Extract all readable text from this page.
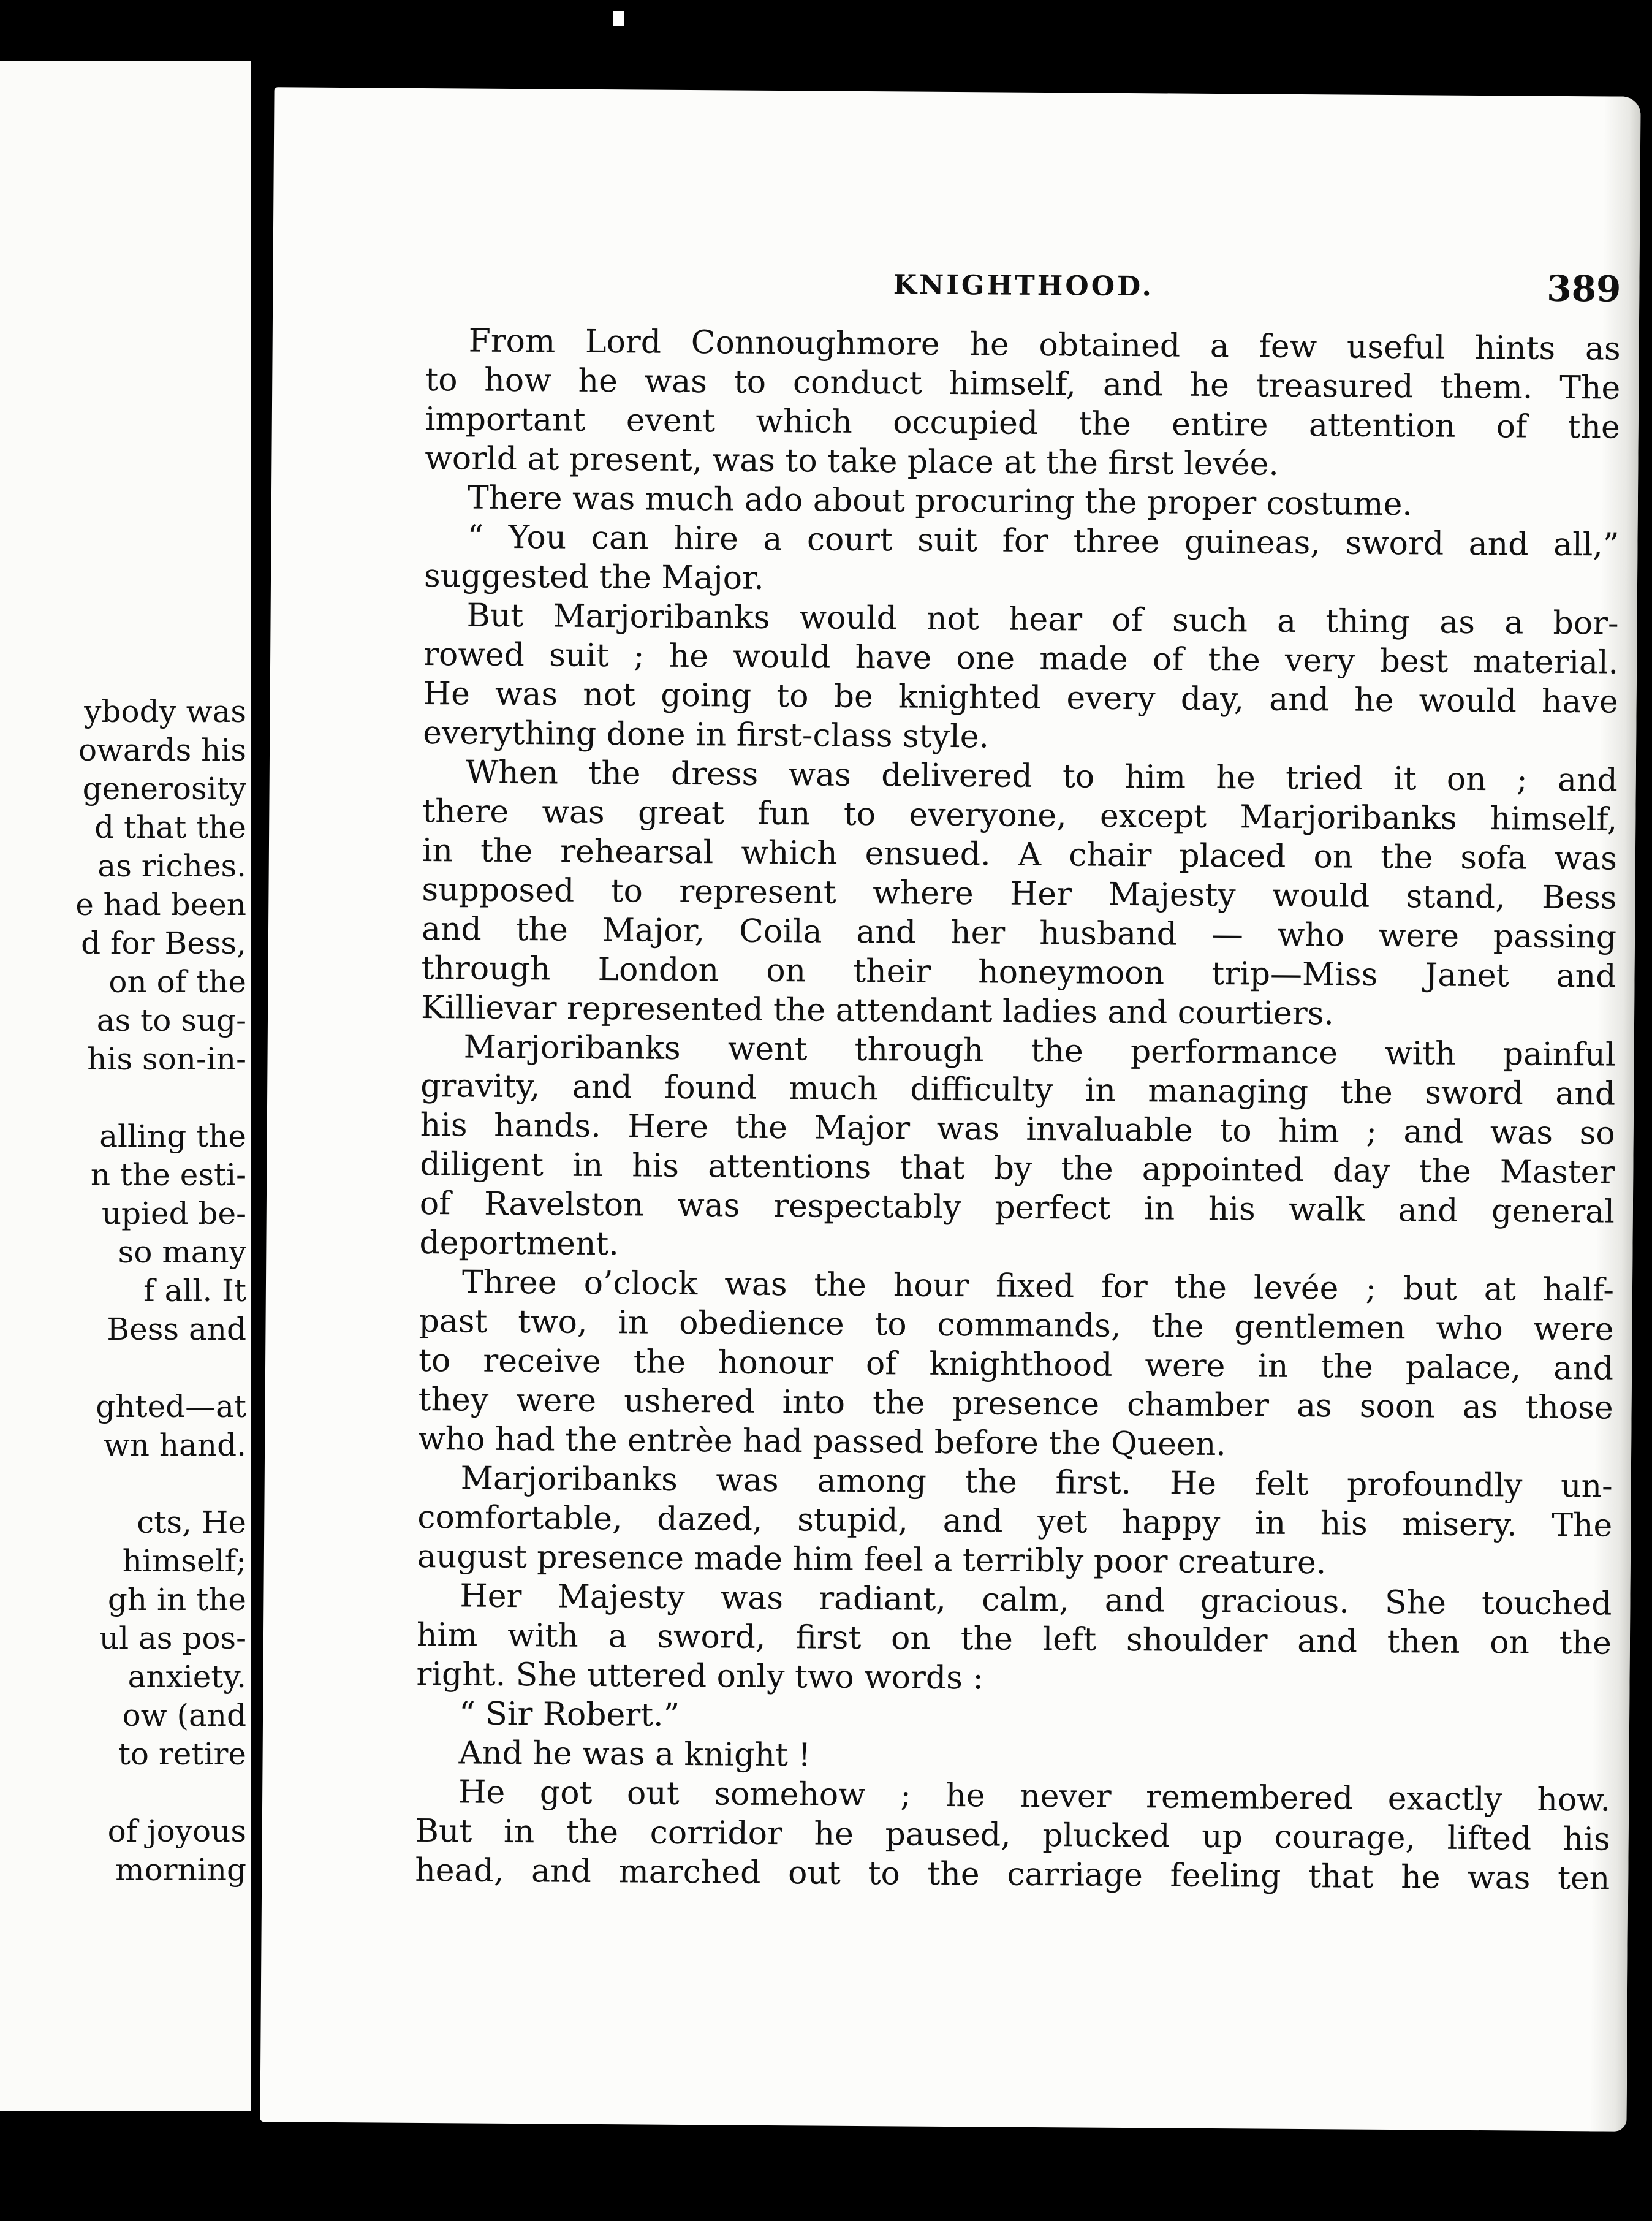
ybody was
owards his
generosity
d that the
as riches.
e had been
d for Bess,
on of the
as to sug-
his son-in-
alling the
n the esti-
upied be-
so many
f all. It
Bess and
ghted—at
wn hand.
cts, He
himself;
gh in the
ul as pos-
anxiety.
ow (and
to retire
of joyous
morning
KNIGHTHOOD.	389
From Lord Connoughmore he obtained a few useful hints as
to how he was to conduct himself, and he treasured them. The
important event which occupied the entire attention of the
world at present, was to take place at the first levée.
There was much ado about procuring the proper costume.
“ You can hire a court suit for three guineas, sword and all,”
suggested the Major.
But Marjoribanks would not hear of such a thing as a bor-
rowed suit ; he would have one made of the very best material.
He was not going to be knighted every day, and he would have
everything done in first-class style.
When the dress was delivered to him he tried it on ; and
there was great fun to everyone, except Marjoribanks himself,
in the rehearsal which ensued. A chair placed on the sofa was
supposed to represent where Her Majesty would stand, Bess
and the Major, Coila and her husband — who were passing
through London on their honeymoon trip—Miss Janet and
Killievar represented the attendant ladies and courtiers.
Marjoribanks went through the performance with painful
gravity, and found much difficulty in managing the sword and
his hands. Here the Major was invaluable to him ; and was so
diligent in his attentions that by the appointed day the Master
of Ravelston was respectably perfect in his walk and general
deportment.
Three o’clock was the hour fixed for the levée ; but at half-
past two, in obedience to commands, the gentlemen who were
to receive the honour of knighthood were in the palace, and
they were ushered into the presence chamber as soon as those
who had the entrèe had passed before the Queen.
Marjoribanks was among the first. He felt profoundly un-
comfortable, dazed, stupid, and yet happy in his misery. The
august presence made him feel a terribly poor creature.
Her Majesty was radiant, calm, and gracious. She touched
him with a sword, first on the left shoulder and then on the
right. She uttered only two words :
“ Sir Robert.”
And he was a knight !
He got out somehow ; he never remembered exactly how.
But in the corridor he paused, plucked up courage, lifted his
head, and marched out to the carriage feeling that he was ten
